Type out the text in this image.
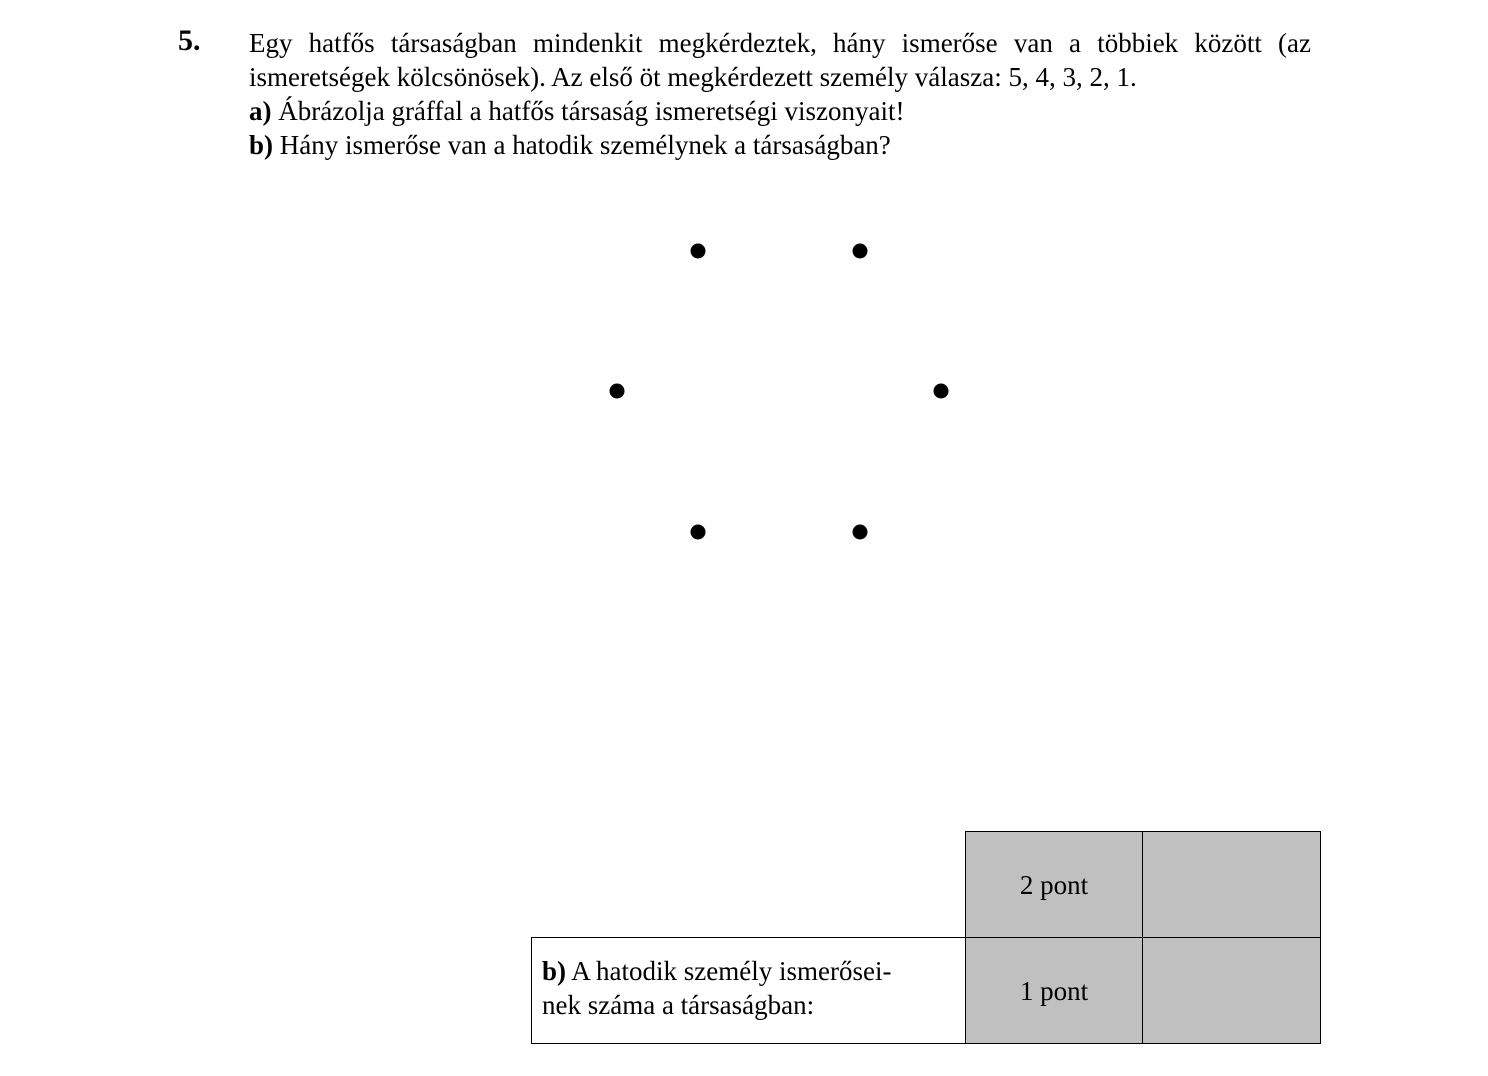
5. Egy hatfős társaságban mindenkit megkérdeztek, hány ismerőse van a többiek között (az ismeretségek kölcsönösek). Az első öt megkérdezett személy válasza: 5, 4, 3, 2, 1.
a) Ábrázolja gráffal a hatfős társaság ismeretségi viszonyait!
b) Hány ismerőse van a hatodik személynek a társaságban?
	2 pont	
b) A hatodik személy ismerősei-
nek száma a társaságban:	1 pont	
